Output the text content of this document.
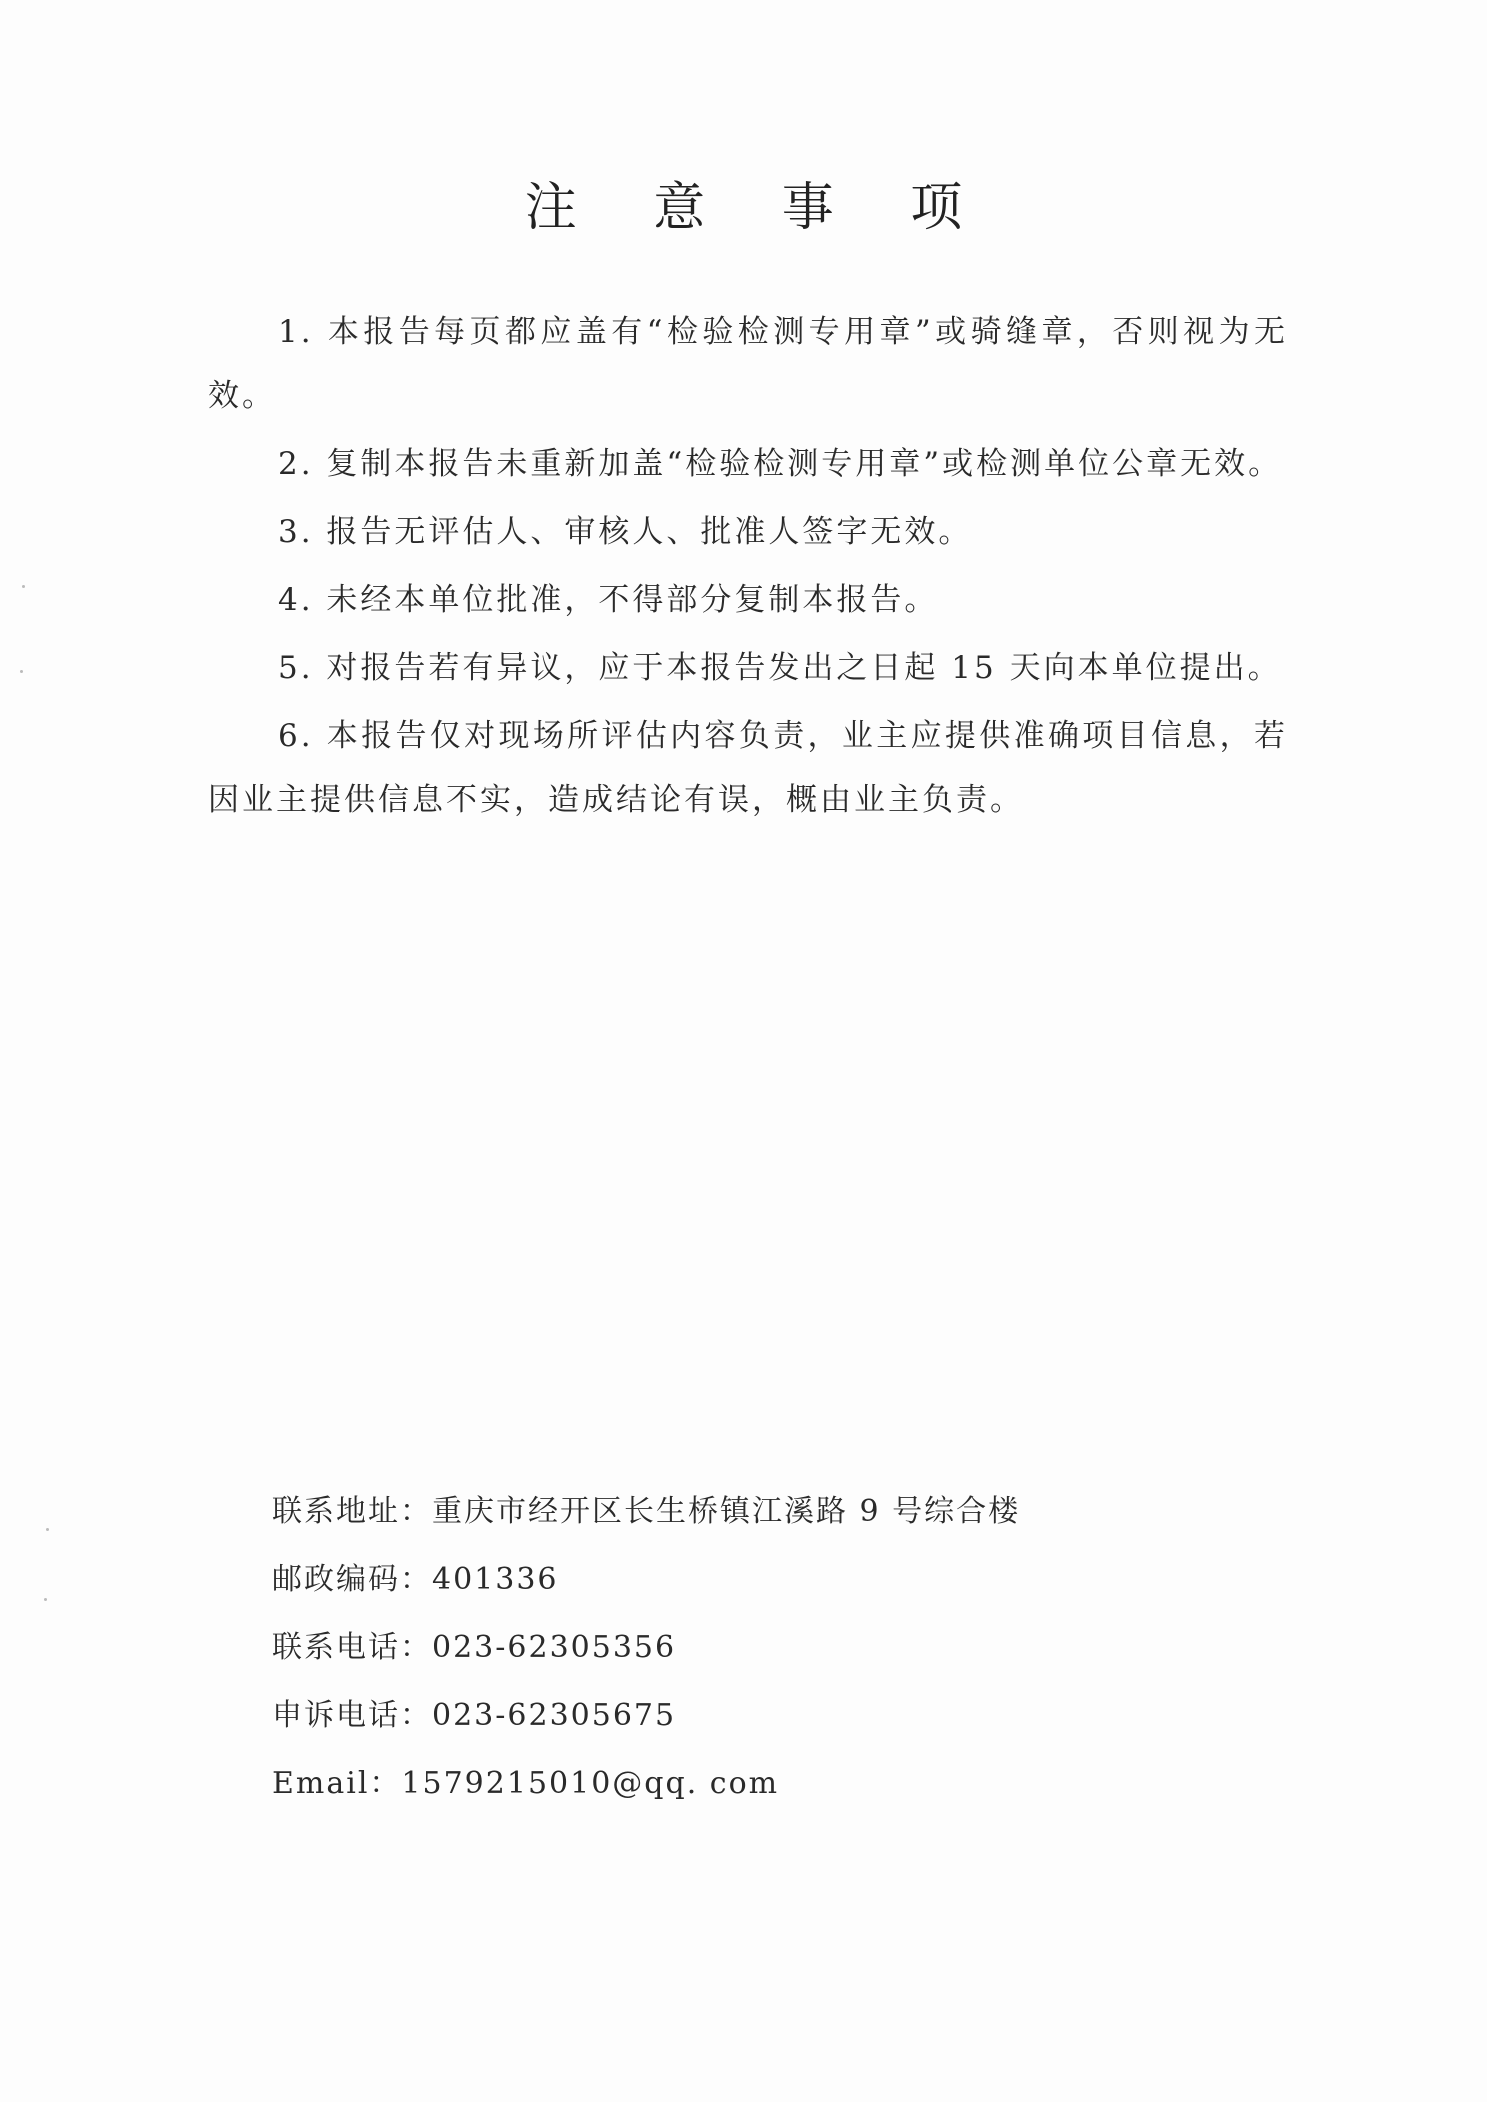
注 意 事 项

1. 本报告每页都应盖有“检验检测专用章”或骑缝章，否则视为无效。

2. 复制本报告未重新加盖“检验检测专用章”或检测单位公章无效。

3. 报告无评估人、审核人、批准人签字无效。

4. 未经本单位批准，不得部分复制本报告。

5. 对报告若有异议，应于本报告发出之日起 15 天向本单位提出。

6. 本报告仅对现场所评估内容负责，业主应提供准确项目信息，若因业主提供信息不实，造成结论有误，概由业主负责。

联系地址：重庆市经开区长生桥镇江溪路 9 号综合楼
邮政编码：401336
联系电话：023-62305356
申诉电话：023-62305675
Email：1579215010@qq. com
